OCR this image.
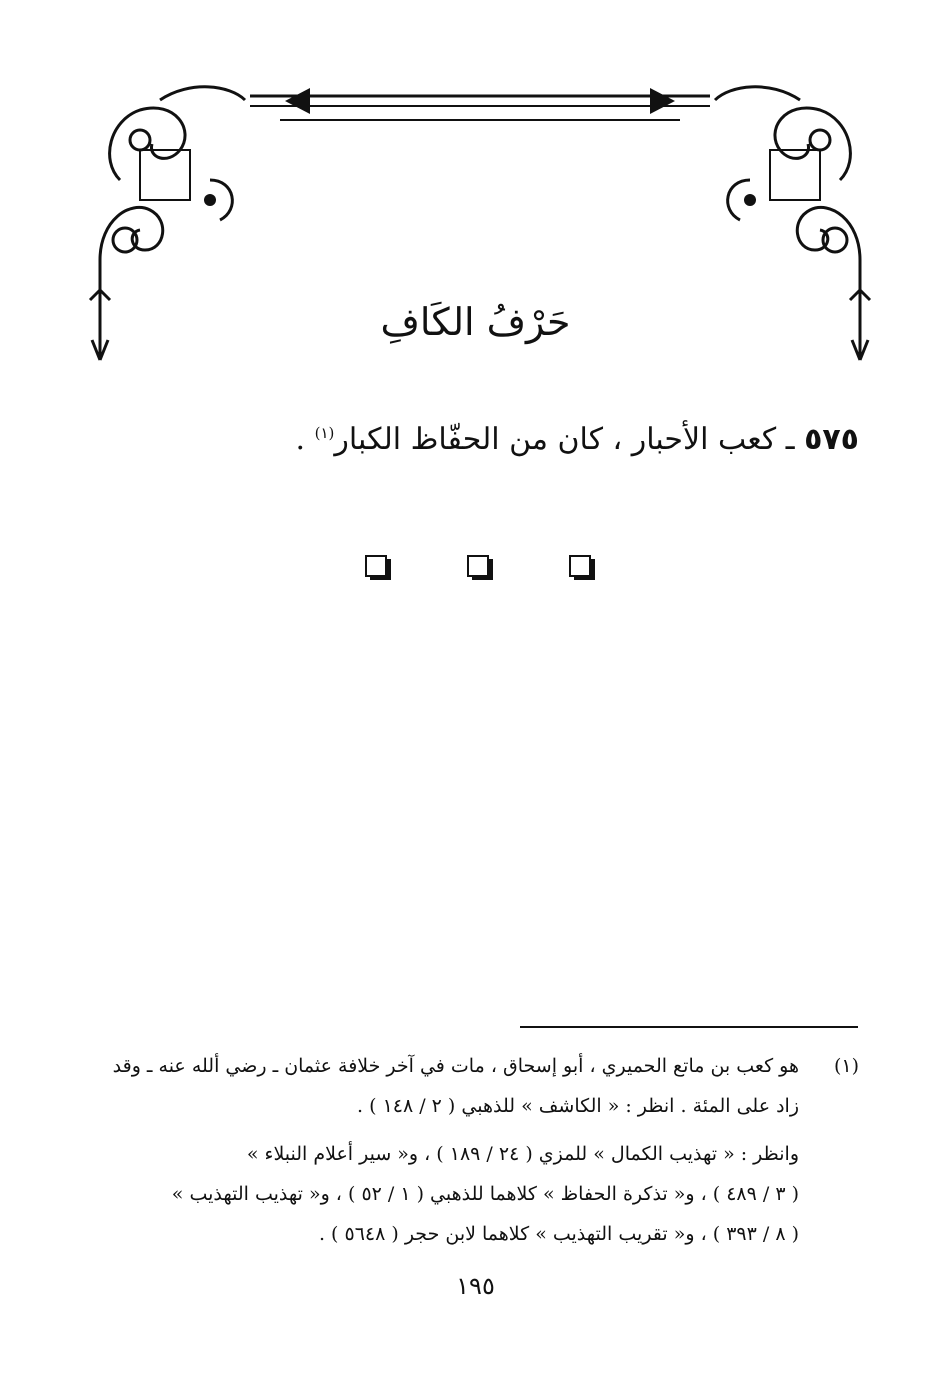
حَرْفُ الكَافِ
٥٧٥ ـ كعب الأحبار ، كان من الحفّاظ الكبار$^{(١)}$ .
(١)
هو كعب بن ماتع الحميري ، أبو إسحاق ، مات في آخر خلافة عثمان ـ رضي ألله عنه ـ وقد
زاد على المئة . انظر : « الكاشف » للذهبي ( ٢ / ١٤٨ ) .
وانظر : « تهذيب الكمال » للمزي ( ٢٤ / ١٨٩ ) ، و« سير أعلام النبلاء »
( ٣ / ٤٨٩ ) ، و« تذكرة الحفاظ » كلاهما للذهبي ( ١ / ٥٢ ) ، و« تهذيب التهذيب »
( ٨ / ٣٩٣ ) ، و« تقريب التهذيب » كلاهما لابن حجر ( ٥٦٤٨ ) .
١٩٥
